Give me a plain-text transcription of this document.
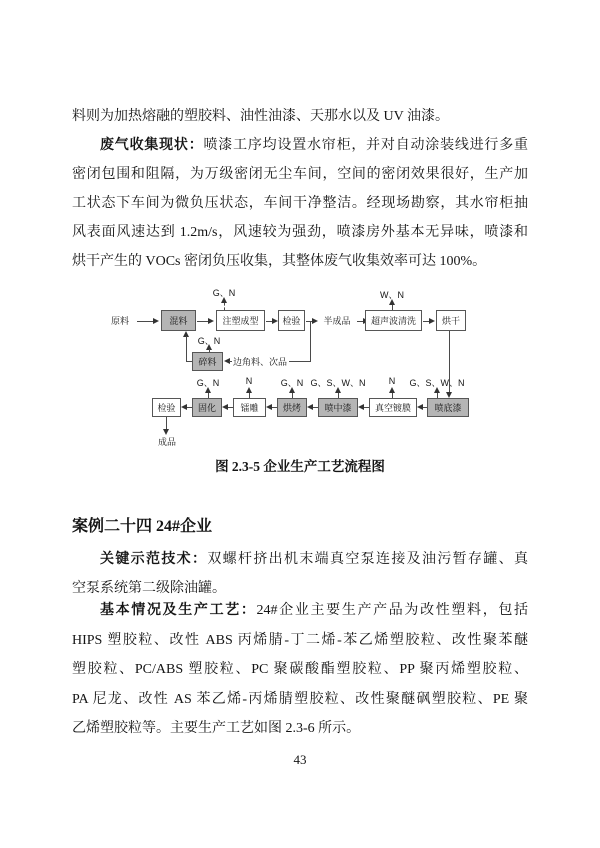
料则为加热熔融的塑胶料、油性油漆、天那水以及 UV 油漆。
废气收集现状：喷漆工序均设置水帘柜，并对自动涂装线进行多重
密闭包围和阻隔，为万级密闭无尘车间，空间的密闭效果很好，生产加
工状态下车间为微负压状态，车间干净整洁。经现场勘察，其水帘柜抽
风表面风速达到 1.2m/s，风速较为强劲，喷漆房外基本无异味，喷漆和
烘干产生的 VOCs 密闭负压收集，其整体废气收集效率可达 100%。
原料	混料	注塑成型	检验	半成品	超声波清洗	烘干
G、N	W、N
G、N
碎料	边角料、次品
G、N	N	G、N G、S、W、N	N G、S、W、N
喷底漆
真空镀膜
喷中漆
烘烤
镭雕
固化
检验
成品
图 2.3-5 企业生产工艺流程图
案例二十四 24#企业
关键示范技术：双螺杆挤出机末端真空泵连接及油污暂存罐、真
空泵系统第二级除油罐。
基本情况及生产工艺：24#企业主要生产产品为改性塑料，包括
HIPS 塑胶粒、改性 ABS 丙烯腈-丁二烯-苯乙烯塑胶粒、改性聚苯醚
塑胶粒、PC/ABS 塑胶粒、PC 聚碳酸酯塑胶粒、PP 聚丙烯塑胶粒、
PA 尼龙、改性 AS 苯乙烯-丙烯腈塑胶粒、改性聚醚砜塑胶粒、PE 聚
乙烯塑胶粒等。主要生产工艺如图 2.3-6 所示。
43
